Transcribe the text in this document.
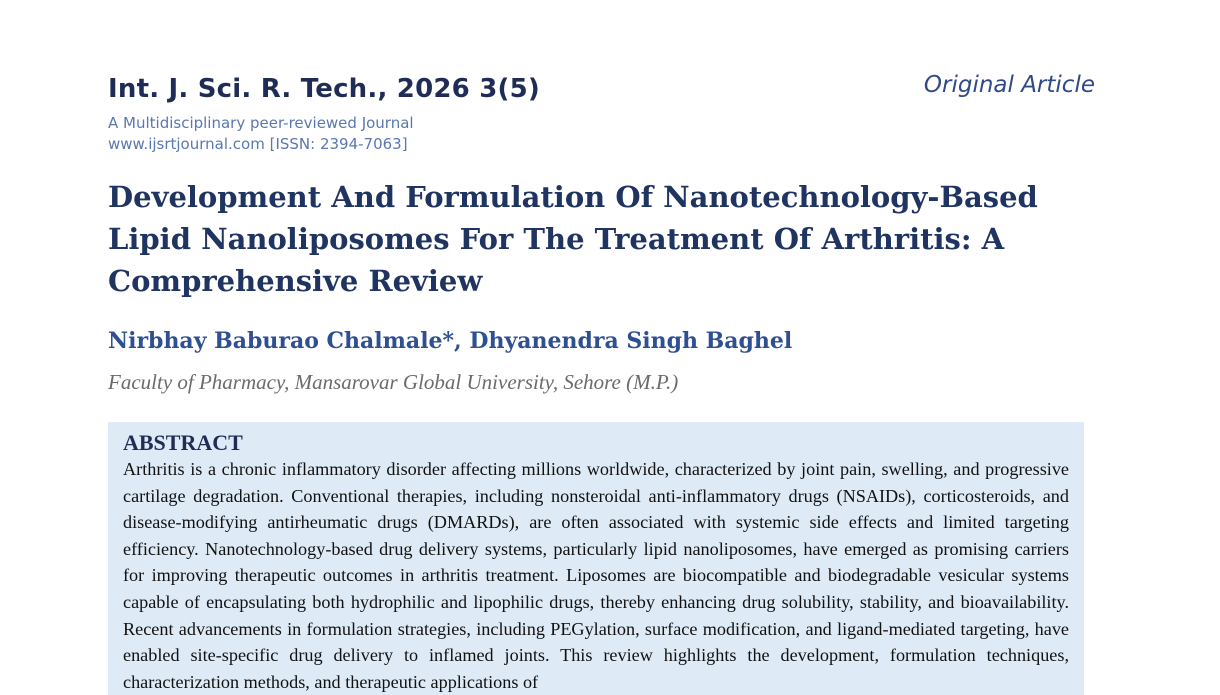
Int. J. Sci. R. Tech., 2026 3(5)	Original Article
A Multidisciplinary peer-reviewed Journal
www.ijsrtjournal.com [ISSN: 2394-7063]
Development And Formulation Of Nanotechnology-Based Lipid Nanoliposomes For The Treatment Of Arthritis: A Comprehensive Review
Nirbhay Baburao Chalmale*, Dhyanendra Singh Baghel
Faculty of Pharmacy, Mansarovar Global University, Sehore (M.P.)
ABSTRACT

Arthritis is a chronic inflammatory disorder affecting millions worldwide, characterized by joint pain, swelling, and progressive cartilage degradation. Conventional therapies, including nonsteroidal anti-inflammatory drugs (NSAIDs), corticosteroids, and disease-modifying antirheumatic drugs (DMARDs), are often associated with systemic side effects and limited targeting efficiency. Nanotechnology-based drug delivery systems, particularly lipid nanoliposomes, have emerged as promising carriers for improving therapeutic outcomes in arthritis treatment. Liposomes are biocompatible and biodegradable vesicular systems capable of encapsulating both hydrophilic and lipophilic drugs, thereby enhancing drug solubility, stability, and bioavailability. Recent advancements in formulation strategies, including PEGylation, surface modification, and ligand-mediated targeting, have enabled site-specific drug delivery to inflamed joints. This review highlights the development, formulation techniques, characterization methods, and therapeutic applications of
